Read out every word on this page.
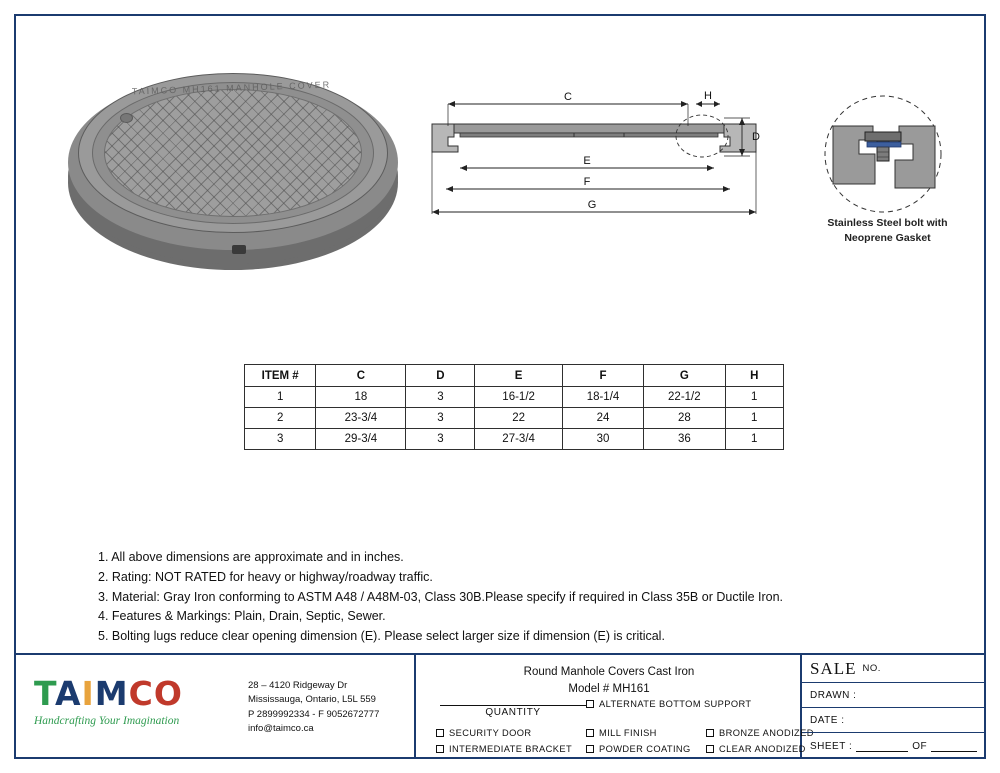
TAIMCO MH161 MANHOLE COVER
C	H
D
E
F
G
Stainless Steel bolt with
Neoprene Gasket
ITEM #	C	D	E	F	G	H
1	18	3	16-1/2	18-1/4	22-1/2	1
2	23-3/4	3	22	24	28	1
3	29-3/4	3	27-3/4	30	36	1
1. All above dimensions are approximate and in inches.
2. Rating: NOT RATED for heavy or highway/roadway traffic.
3. Material: Gray Iron conforming to ASTM A48 / A48M-03, Class 30B.Please specify if required in Class 35B or Ductile Iron.
4. Features & Markings: Plain, Drain, Septic, Sewer.
5. Bolting lugs reduce clear opening dimension (E). Please select larger size if dimension (E) is critical.
TAIMCO
Handcrafting Your Imagination
28 – 4120 Ridgeway Dr
Mississauga, Ontario, L5L 559
P 2899992334 - F 9052672777
info@taimco.ca
Round Manhole Covers Cast Iron
Model # MH161
QUANTITY
SECURITY DOOR
INTERMEDIATE BRACKET
ALTERNATE BOTTOM SUPPORT
MILL FINISH
POWDER COATING
BRONZE ANODIZED
CLEAR ANODIZED
SALE NO.
DRAWN :
DATE :
SHEET :	OF
